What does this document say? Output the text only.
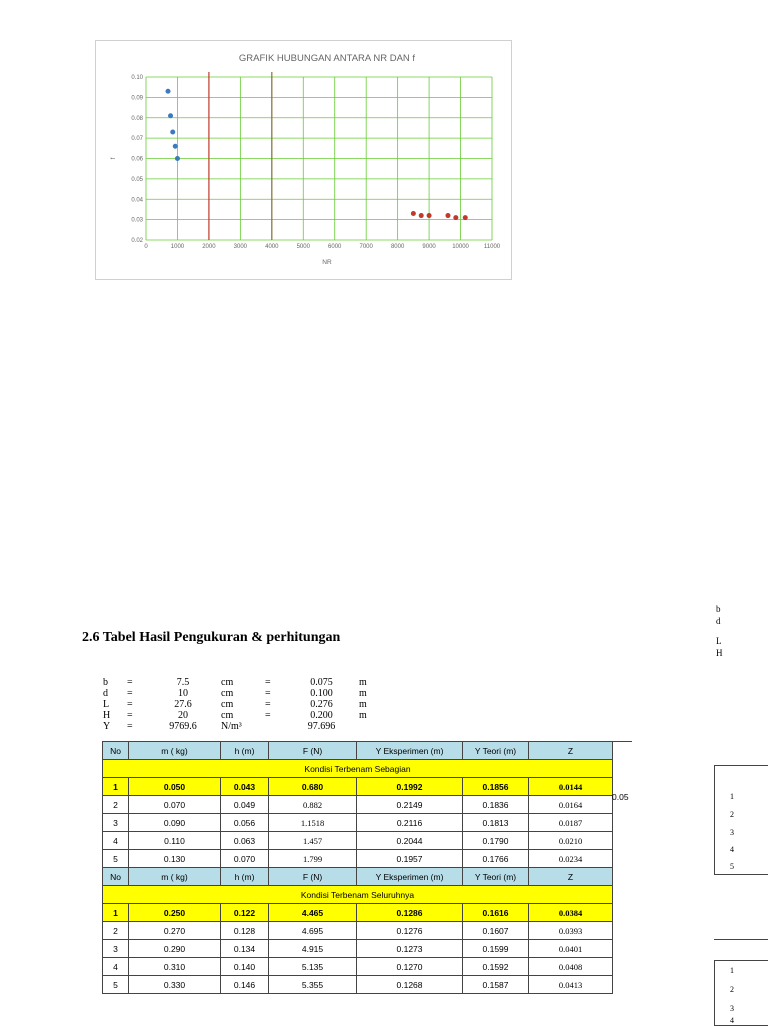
GRAFIK HUBUNGAN ANTARA NR DAN f
0	1000	2000	3000	4000	5000	6000	7000	8000	9000	10000 11000
0.02
0.03
0.04
0.05
0.06
0.07
0.08
0.09
0.10
NR
f
2.6 Tabel Hasil Pengukuran & perhitungan
b =	7.5	cm	=	0.075	m
d =	10	cm	=	0.100	m
L =	27.6	cm	=	0.276	m
H =	20	cm	=	0.200	m
Y =	9769.6	N/m³	97.696
No	m ( kg)	h (m)	F (N)	Y Eksperimen (m)	Y Teori (m)	Z
Kondisi Terbenam Sebagian						
1	0.050	0.043	0.680	0.1992	0.1856	0.0144
2	0.070	0.049	0.882	0.2149	0.1836	0.0164
3	0.090	0.056	1.1518	0.2116	0.1813	0.0187
4	0.110	0.063	1.457	0.2044	0.1790	0.0210
5	0.130	0.070	1.799	0.1957	0.1766	0.0234
No	m ( kg)	h (m)	F (N)	Y Eksperimen (m)	Y Teori (m)	Z
Kondisi Terbenam Seluruhnya						
1	0.250	0.122	4.465	0.1286	0.1616	0.0384
2	0.270	0.128	4.695	0.1276	0.1607	0.0393
3	0.290	0.134	4.915	0.1273	0.1599	0.0401
4	0.310	0.140	5.135	0.1270	0.1592	0.0408
5	0.330	0.146	5.355	0.1268	0.1587	0.0413
0.05
b
d
L
H
1
2
3
4
5
1
2
3
4
